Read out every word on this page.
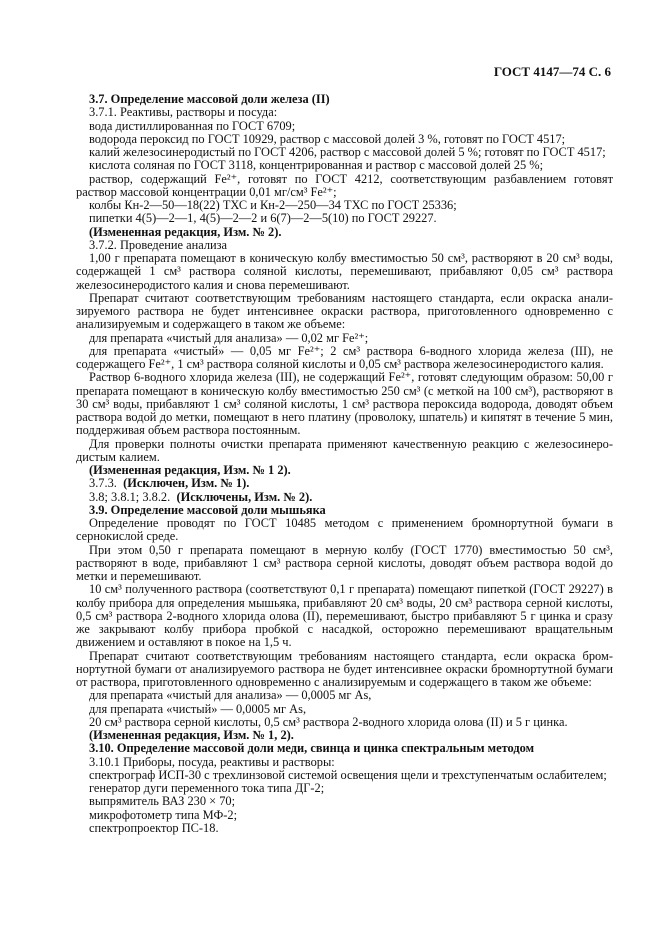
ГОСТ 4147—74 С. 6

3.7. Определение массовой доли железа (II)

3.7.1. Реактивы, растворы и посуда:

вода дистиллированная по ГОСТ 6709;

водорода пероксид по ГОСТ 10929, раствор с массовой долей 3 %, готовят по ГОСТ 4517;

калий железосинеродистый по ГОСТ 4206, раствор с массовой долей 5 %; готовят по ГОСТ 4517;

кислота соляная по ГОСТ 3118, концентрированная и раствор с массовой долей 25 %;

раствор, содержащий Fe²⁺, готовят по ГОСТ 4212, соответствующим разбавлением готовят раствор массовой концентрации 0,01 мг/см³ Fe²⁺;

колбы Кн-2—50—18(22) ТХС и Кн-2—250—34 ТХС по ГОСТ 25336;

пипетки 4(5)—2—1, 4(5)—2—2 и 6(7)—2—5(10) по ГОСТ 29227.

(Измененная редакция, Изм. № 2).

3.7.2. Проведение анализа

1,00 г препарата помещают в коническую колбу вместимостью 50 см³, растворяют в 20 см³ воды, содержащей 1 см³ раствора соляной кислоты, перемешивают, прибавляют 0,05 см³ раствора железосинеродистого калия и снова перемешивают.

Препарат считают соответствующим требованиям настоящего стандарта, если окраска анализируемого раствора не будет интенсивнее окраски раствора, приготовленного одновременно с анализируемым и содержащего в таком же объеме:

для препарата «чистый для анализа» — 0,02 мг Fe²⁺;

для препарата «чистый» — 0,05 мг Fe²⁺; 2 см³ раствора 6-водного хлорида железа (III), не содержащего Fe²⁺, 1 см³ раствора соляной кислоты и 0,05 см³ раствора железосинеродистого калия.

Раствор 6-водного хлорида железа (III), не содержащий Fe²⁺, готовят следующим образом: 50,00 г препарата помещают в коническую колбу вместимостью 250 см³ (с меткой на 100 см³), растворяют в 30 см³ воды, прибавляют 1 см³ соляной кислоты, 1 см³ раствора пероксида водорода, доводят объем раствора водой до метки, помещают в него платину (проволоку, шпатель) и кипятят в течение 5 мин, поддерживая объем раствора постоянным.

Для проверки полноты очистки препарата применяют качественную реакцию с железосинеродистым калием.

(Измененная редакция, Изм. № 1 2).

3.7.3. (Исключен, Изм. № 1).

3.8; 3.8.1; 3.8.2. (Исключены, Изм. № 2).

3.9. Определение массовой доли мышьяка

Определение проводят по ГОСТ 10485 методом с применением бромнортутной бумаги в сернокислой среде.

При этом 0,50 г препарата помещают в мерную колбу (ГОСТ 1770) вместимостью 50 см³, растворяют в воде, прибавляют 1 см³ раствора серной кислоты, доводят объем раствора водой до метки и перемешивают.

10 см³ полученного раствора (соответствуют 0,1 г препарата) помещают пипеткой (ГОСТ 29227) в колбу прибора для определения мышьяка, прибавляют 20 см³ воды, 20 см³ раствора серной кислоты, 0,5 см³ раствора 2-водного хлорида олова (II), перемешивают, быстро прибавляют 5 г цинка и сразу же закрывают колбу прибора пробкой с насадкой, осторожно перемешивают вращательным движением и оставляют в покое на 1,5 ч.

Препарат считают соответствующим требованиям настоящего стандарта, если окраска бромнортутной бумаги от анализируемого раствора не будет интенсивнее окраски бромнортутной бумаги от раствора, приготовленного одновременно с анализируемым и содержащего в таком же объеме:

для препарата «чистый для анализа» — 0,0005 мг As,

для препарата «чистый» — 0,0005 мг As,

20 см³ раствора серной кислоты, 0,5 см³ раствора 2-водного хлорида олова (II) и 5 г цинка.

(Измененная редакция, Изм. № 1, 2).

3.10. Определение массовой доли меди, свинца и цинка спектральным методом

3.10.1 Приборы, посуда, реактивы и растворы:

спектрограф ИСП-30 с трехлинзовой системой освещения щели и трехступенчатым ослабителем;

генератор дуги переменного тока типа ДГ-2;

выпрямитель ВАЗ 230 × 70;

микрофотометр типа МФ-2;

спектропроектор ПС-18.
